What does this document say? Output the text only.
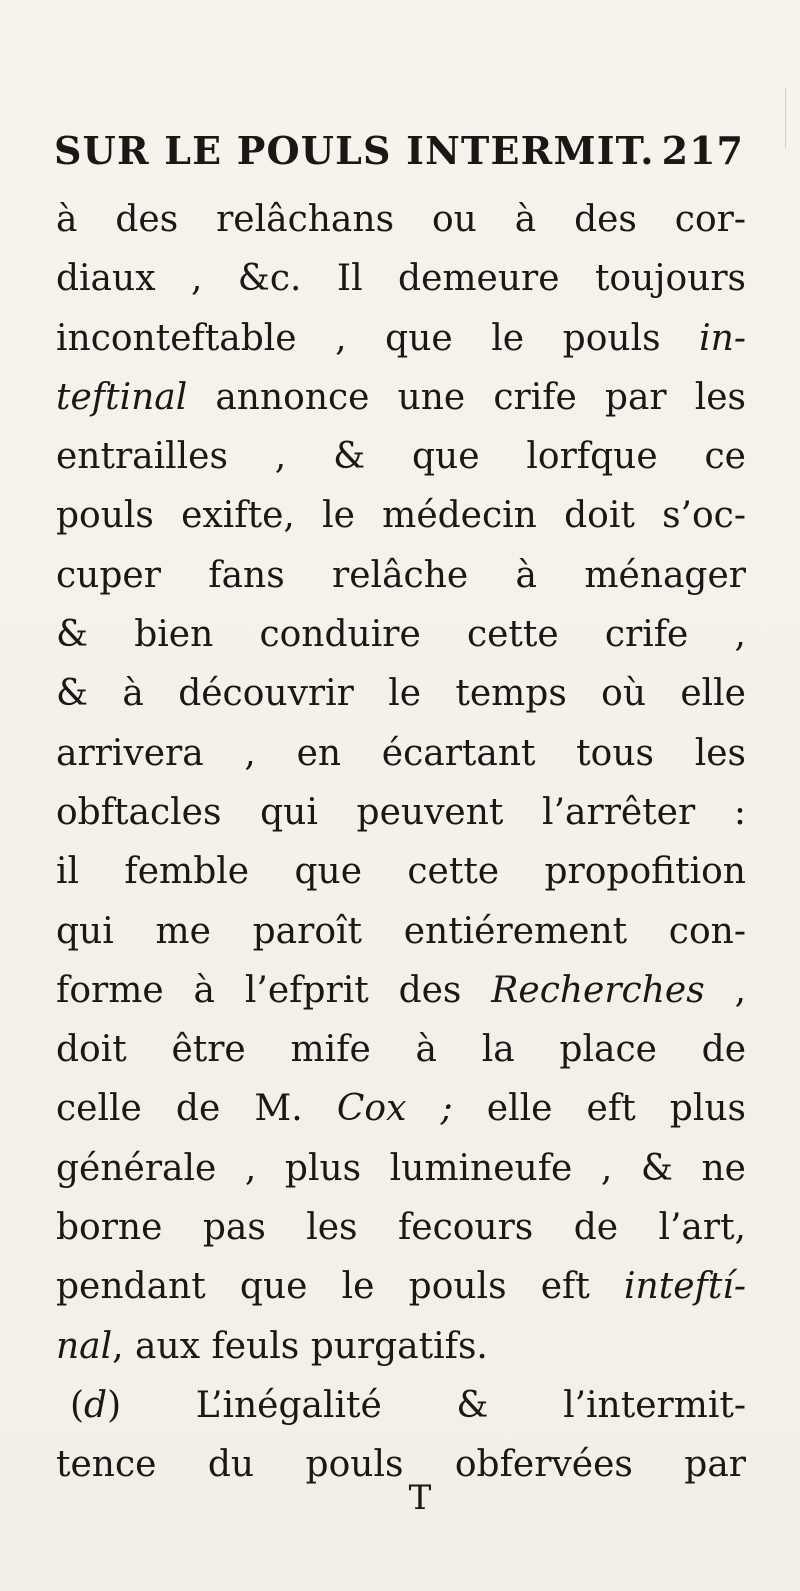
SUR LE POULS INTERMIT. 217
à des relâchans ou à des cor-
diaux , &c. Il demeure toujours
inconteftable , que le pouls in-
teftinal annonce une crife par les
entrailles , & que lorfque ce
pouls exifte, le médecin doit s’oc-
cuper fans relâche à ménager
& bien conduire cette crife ,
& à découvrir le temps où elle
arrivera , en écartant tous les
obftacles qui peuvent l’arrêter :
il femble que cette propofition
qui me paroît entiérement con-
forme à l’efprit des Recherches ,
doit être mife à la place de
celle de M. Cox ; elle eft plus
générale , plus lumineufe , & ne
borne pas les fecours de l’art,
pendant que le pouls eft inteftí-
nal, aux feuls purgatifs.
(d) L’inégalité & l’intermit-
tence du pouls obfervées par
T
